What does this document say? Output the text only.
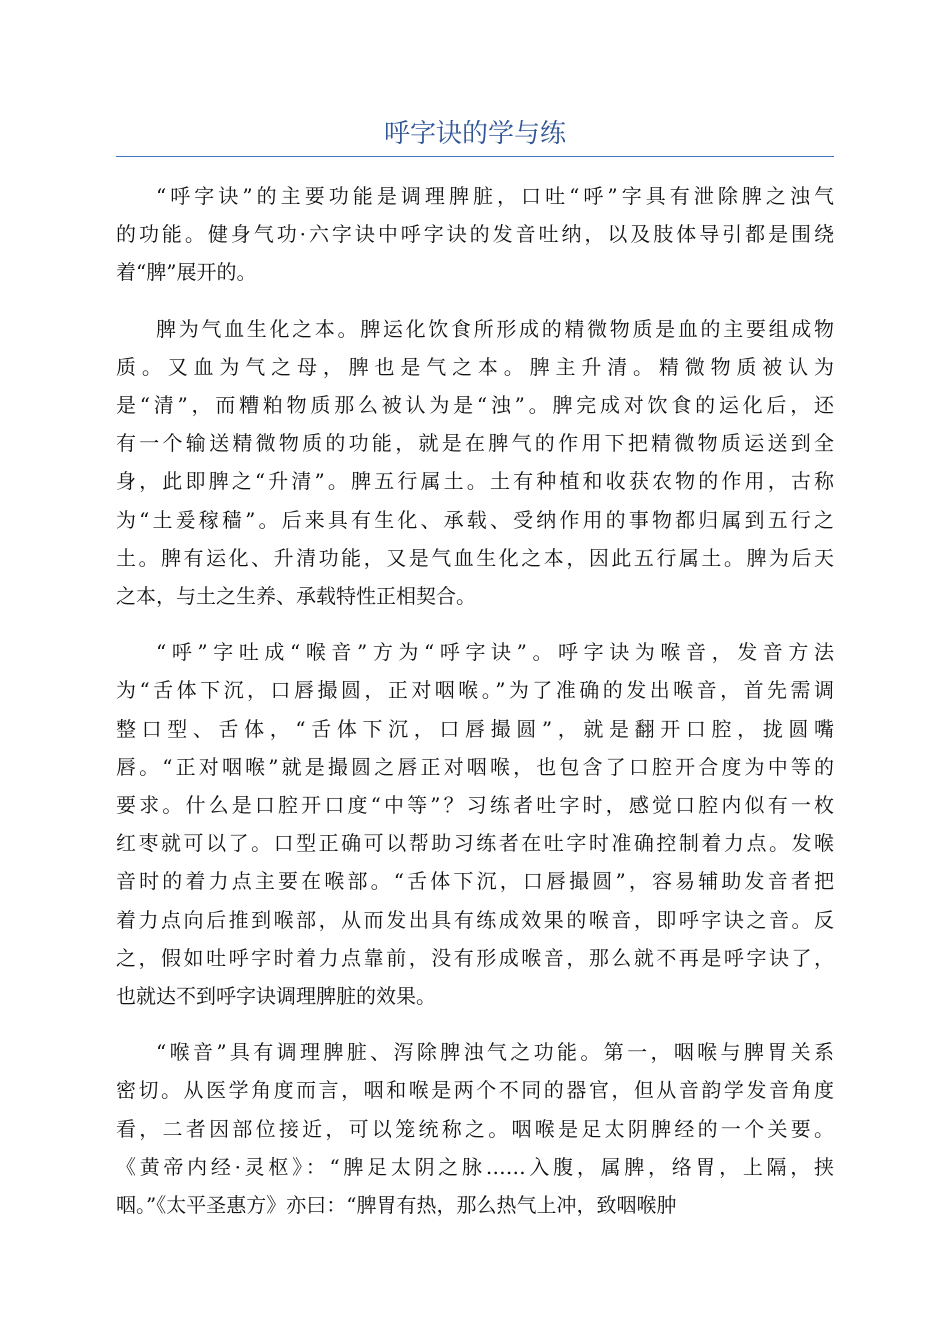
呼字诀的学与练

“呼字诀”的主要功能是调理脾脏，口吐“呼”字具有泄除脾之浊气
的功能。健身气功·六字诀中呼字诀的发音吐纳，以及肢体导引都是围绕
着“脾”展开的。

脾为气血生化之本。脾运化饮食所形成的精微物质是血的主要组成物
质。又血为气之母，脾也是气之本。脾主升清。精微物质被认为
是“清”，而糟粕物质那么被认为是“浊”。脾完成对饮食的运化后，还
有一个输送精微物质的功能，就是在脾气的作用下把精微物质运送到全
身，此即脾之“升清”。脾五行属土。土有种植和收获农物的作用，古称
为“土爰稼穑”。后来具有生化、承载、受纳作用的事物都归属到五行之
土。脾有运化、升清功能，又是气血生化之本，因此五行属土。脾为后天
之本，与土之生养、承载特性正相契合。

“呼”字吐成“喉音”方为“呼字诀”。呼字诀为喉音，发音方法
为“舌体下沉，口唇撮圆，正对咽喉。”为了准确的发出喉音，首先需调
整口型、舌体，“舌体下沉，口唇撮圆”，就是翻开口腔，拢圆嘴
唇。“正对咽喉”就是撮圆之唇正对咽喉，也包含了口腔开合度为中等的
要求。什么是口腔开口度“中等”？习练者吐字时，感觉口腔内似有一枚
红枣就可以了。口型正确可以帮助习练者在吐字时准确控制着力点。发喉
音时的着力点主要在喉部。“舌体下沉，口唇撮圆”，容易辅助发音者把
着力点向后推到喉部，从而发出具有练成效果的喉音，即呼字诀之音。反
之，假如吐呼字时着力点靠前，没有形成喉音，那么就不再是呼字诀了，
也就达不到呼字诀调理脾脏的效果。

“喉音”具有调理脾脏、泻除脾浊气之功能。第一，咽喉与脾胃关系
密切。从医学角度而言，咽和喉是两个不同的器官，但从音韵学发音角度
看，二者因部位接近，可以笼统称之。咽喉是足太阴脾经的一个关要。
《黄帝内经·灵枢》：“脾足太阴之脉……入腹，属脾，络胃，上隔，挟
咽。”《太平圣惠方》亦曰：“脾胃有热，那么热气上冲，致咽喉肿
